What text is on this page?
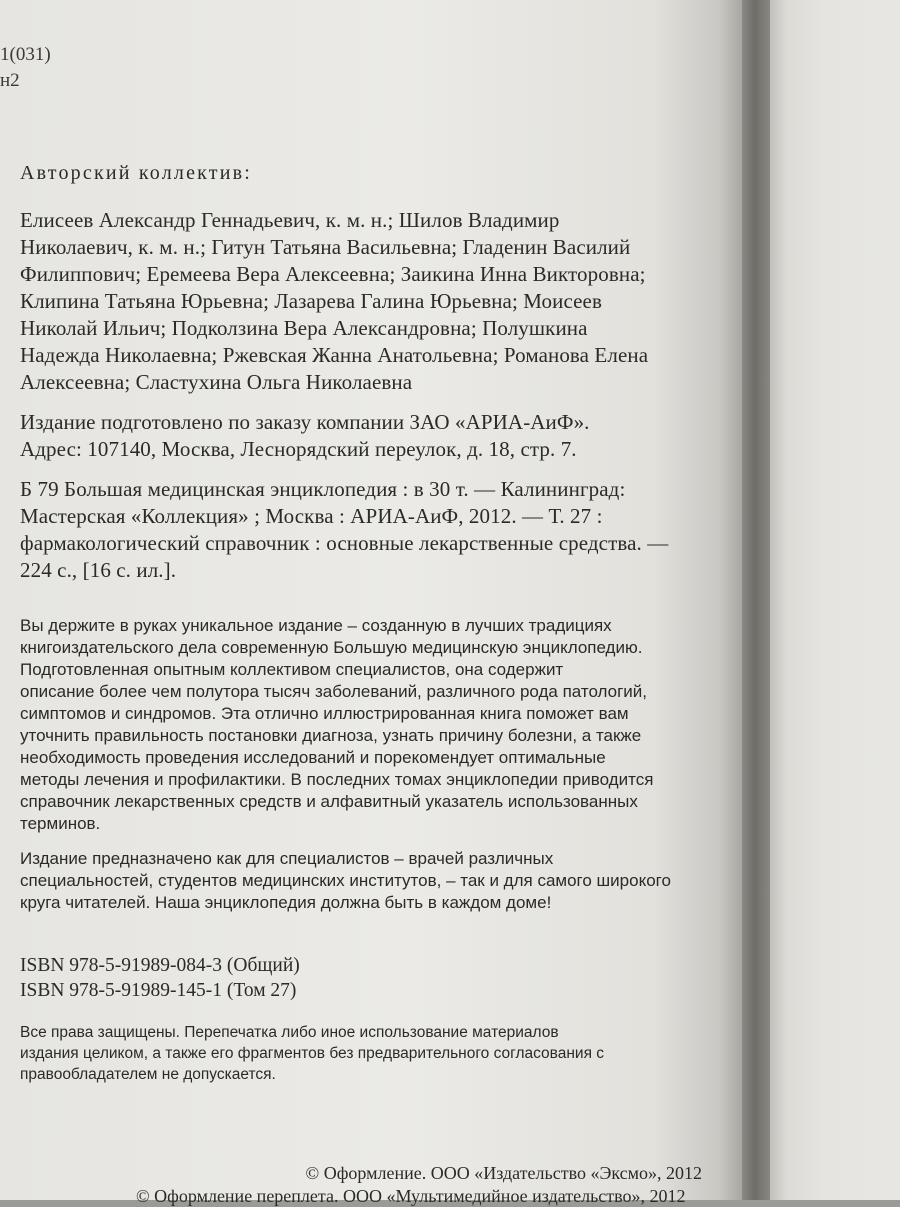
1(031)
н2
Авторский коллектив:
Елисеев Александр Геннадьевич, к. м. н.; Шилов Владимир
Николаевич, к. м. н.; Гитун Татьяна Васильевна; Гладенин Василий
Филиппович; Еремеева Вера Алексеевна; Заикина Инна Викторовна;
Клипина Татьяна Юрьевна; Лазарева Галина Юрьевна; Моисеев
Николай Ильич; Подколзина Вера Александровна; Полушкина
Надежда Николаевна; Ржевская Жанна Анатольевна; Романова Елена
Алексеевна; Сластухина Ольга Николаевна
Издание подготовлено по заказу компании ЗАО «АРИА-АиФ».
Адрес: 107140, Москва, Леснорядский переулок, д. 18, стр. 7.
Б 79 Большая медицинская энциклопедия : в 30 т. — Калининград:
Мастерская «Коллекция» ; Москва : АРИА-АиФ, 2012. — Т. 27 :
фармакологический справочник : основные лекарственные средства. —
224 с., [16 с. ил.].
Вы держите в руках уникальное издание – созданную в лучших традициях
книгоиздательского дела современную Большую медицинскую энциклопедию.
Подготовленная опытным коллективом специалистов, она содержит
описание более чем полутора тысяч заболеваний, различного рода патологий,
симптомов и синдромов. Эта отлично иллюстрированная книга поможет вам
уточнить правильность постановки диагноза, узнать причину болезни, а также
необходимость проведения исследований и порекомендует оптимальные
методы лечения и профилактики. В последних томах энциклопедии приводится
справочник лекарственных средств и алфавитный указатель использованных
терминов.
Издание предназначено как для специалистов – врачей различных
специальностей, студентов медицинских институтов, – так и для самого широкого
круга читателей. Наша энциклопедия должна быть в каждом доме!
ISBN 978-5-91989-084-3 (Общий)
ISBN 978-5-91989-145-1 (Том 27)
Все права защищены. Перепечатка либо иное использование материалов
издания целиком, а также его фрагментов без предварительного согласования с
правообладателем не допускается.
© Оформление. ООО «Издательство «Эксмо», 2012
© Оформление переплета. ООО «Мультимедийное издательство», 2012
